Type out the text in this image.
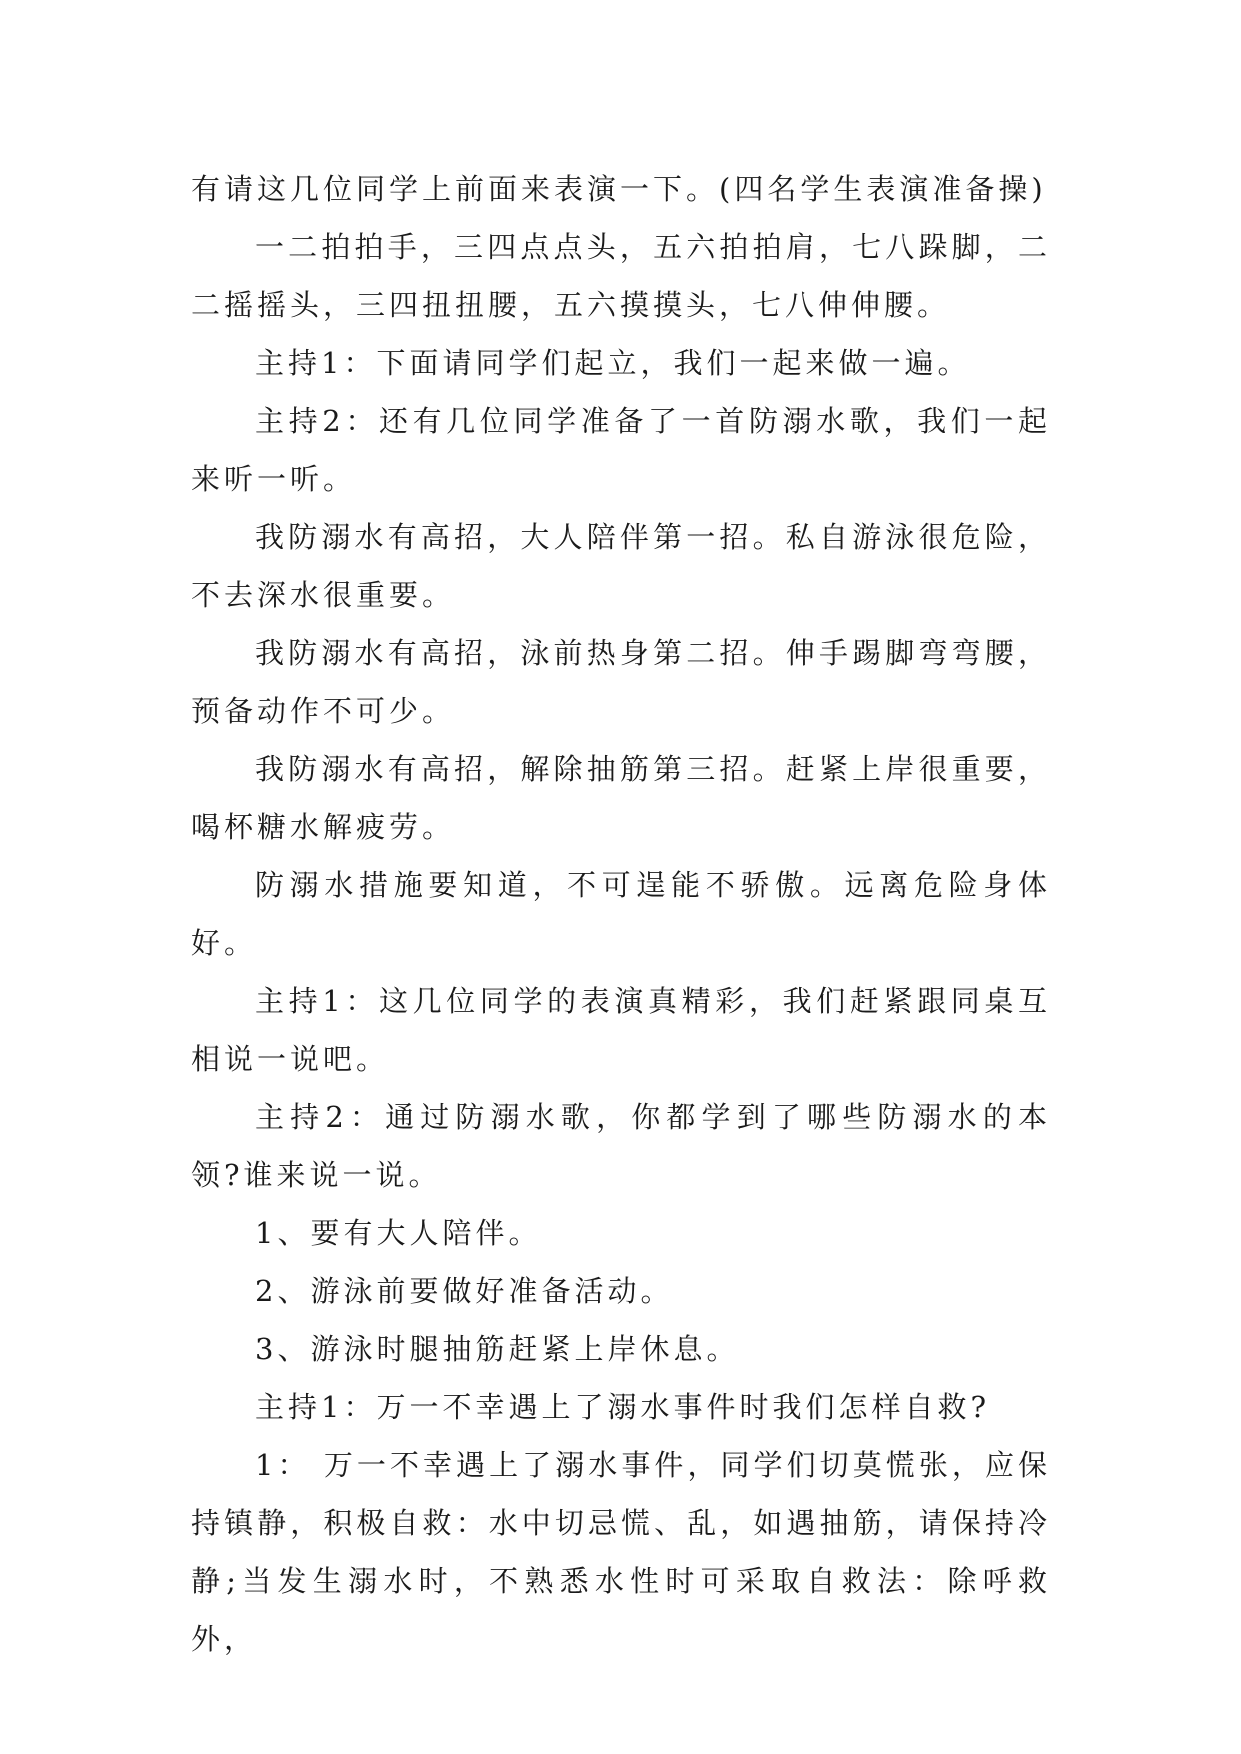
有请这几位同学上前面来表演一下。(四名学生表演准备操)

一二拍拍手，三四点点头，五六拍拍肩，七八跺脚，二二摇摇头，三四扭扭腰，五六摸摸头，七八伸伸腰。

主持1：下面请同学们起立，我们一起来做一遍。

主持2：还有几位同学准备了一首防溺水歌，我们一起来听一听。

我防溺水有高招，大人陪伴第一招。私自游泳很危险，不去深水很重要。

我防溺水有高招，泳前热身第二招。伸手踢脚弯弯腰，预备动作不可少。

我防溺水有高招，解除抽筋第三招。赶紧上岸很重要，喝杯糖水解疲劳。

防溺水措施要知道，不可逞能不骄傲。远离危险身体好。

主持1：这几位同学的表演真精彩，我们赶紧跟同桌互相说一说吧。

主持2：通过防溺水歌，你都学到了哪些防溺水的本领?谁来说一说。

1、要有大人陪伴。

2、游泳前要做好准备活动。

3、游泳时腿抽筋赶紧上岸休息。

主持1：万一不幸遇上了溺水事件时我们怎样自救?

1： 万一不幸遇上了溺水事件，同学们切莫慌张，应保持镇静，积极自救：水中切忌慌、乱，如遇抽筋，请保持冷静;当发生溺水时，不熟悉水性时可采取自救法：除呼救外，
